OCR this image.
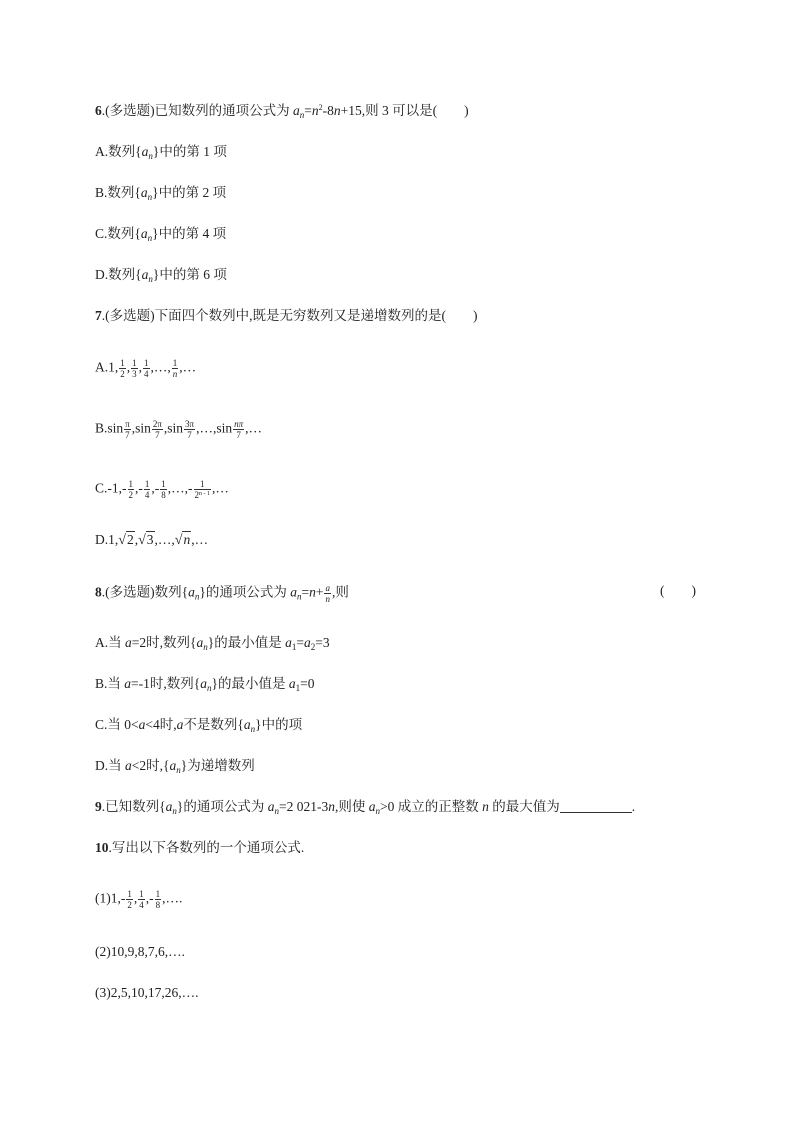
6.(多选题)已知数列的通项公式为 $a_n=n^2-8n+15$,则 3 可以是(        )
A.数列$\{a_n\}$中的第 1 项
B.数列$\{a_n\}$中的第 2 项
C.数列$\{a_n\}$中的第 4 项
D.数列$\{a_n\}$中的第 6 项
7.(多选题)下面四个数列中,既是无穷数列又是递增数列的是(        )
A.1, $\frac{1}{2}$ , $\frac{1}{3}$ , $\frac{1}{4}$ ,…, $\frac{1}{n}$ ,…
$B.\sin \frac{\pi}{7} ,\sin \frac{2\pi}{7} ,\sin \frac{3\pi}{7}$ ,…,sin $\frac{n\pi}{7}$ ,…
$C.-1,- \frac{1}{2}$ ,- $\frac{1}{4}$ ,- $\frac{1}{8}$ ,…,- $\frac{1}{2^{n - 1}}$ ,…
D.1,√2,√3,…,√n,…
8.(多选题)数列$\{a_n\}$的通项公式为 $a_n=n+ \frac{a}{n}$ ,则	(        )
A.当 a=2时,数列$\{a_n\}$的最小值是 $a_1=a_2=3$
B.当 a=-1时,数列$\{a_n\}$的最小值是 $a_1=0$
C.当 0<a<4时,a不是数列$\{a_n\}$中的项
D.当 a<2时$,\{a_n\}$为递增数列
9.已知数列$\{a_n\}$的通项公式为 $a_n=2$ 021-3n,则使 $a_n>0$ 成立的正整数 n 的最大值为	.
10.写出以下各数列的一个通项公式.
$(1)1,- \frac{1}{2}$ , $\frac{1}{4}$ ,- $\frac{1}{8}$ ,….
(2)10,9,8,7,6,….
(3)2,5,10,17,26,….
